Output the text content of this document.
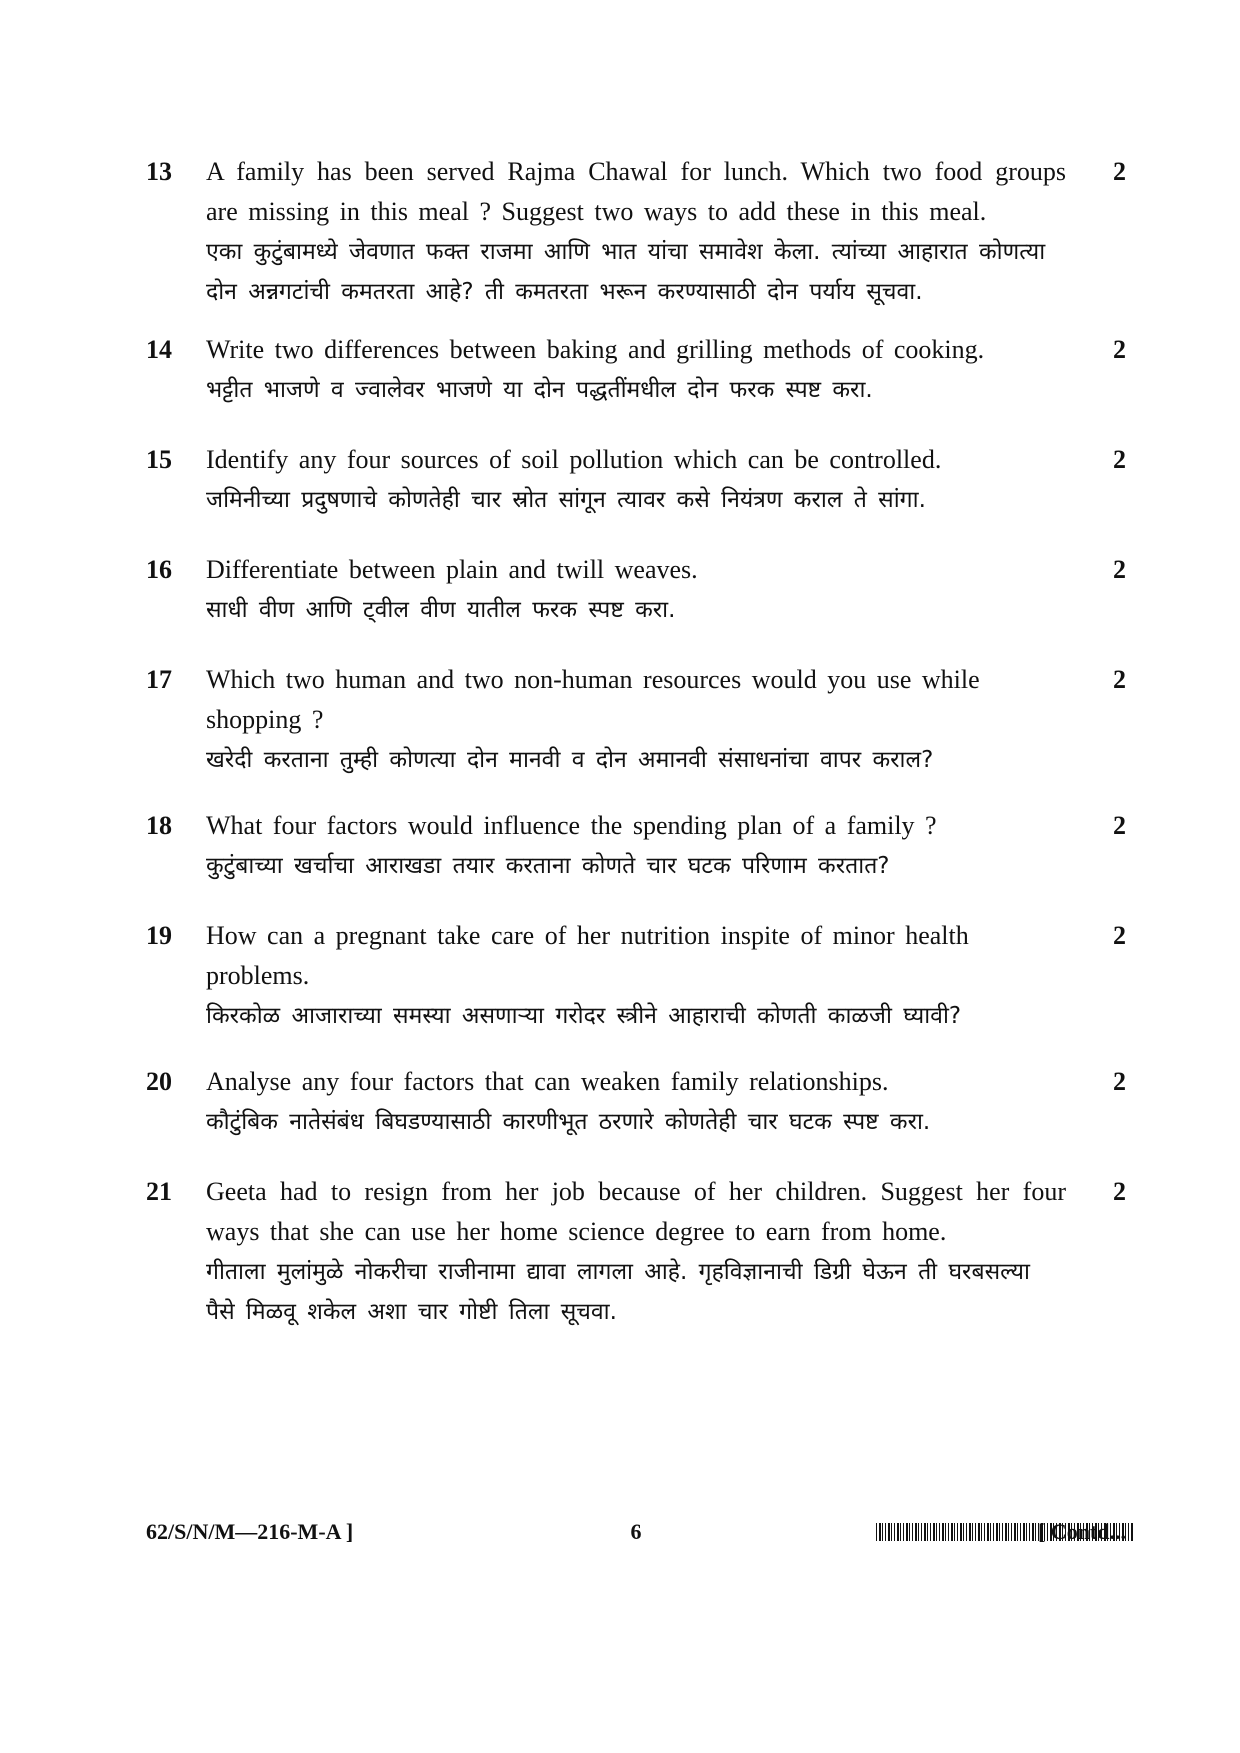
13	A family has been served Rajma Chawal for lunch. Which two food groups are missing in this meal ? Suggest two ways to add these in this meal.
एका कुटुंबामध्ये जेवणात फक्त राजमा आणि भात यांचा समावेश केला. त्यांच्या आहारात कोणत्या दोन अन्नगटांची कमतरता आहे? ती कमतरता भरून करण्यासाठी दोन पर्याय सूचवा.
2
14	Write two differences between baking and grilling methods of cooking.
भट्टीत भाजणे व ज्वालेवर भाजणे या दोन पद्धतींमधील दोन फरक स्पष्ट करा.
2
15	Identify any four sources of soil pollution which can be controlled.
जमिनीच्या प्रदुषणाचे कोणतेही चार स्रोत सांगून त्यावर कसे नियंत्रण कराल ते सांगा.
2
16	Differentiate between plain and twill weaves.
साधी वीण आणि ट्वील वीण यातील फरक स्पष्ट करा.
2
17	Which two human and two non-human resources would you use while shopping ?
खरेदी करताना तुम्ही कोणत्या दोन मानवी व दोन अमानवी संसाधनांचा वापर कराल?
2
18	What four factors would influence the spending plan of a family ?
कुटुंबाच्या खर्चाचा आराखडा तयार करताना कोणते चार घटक परिणाम करतात?
2
19	How can a pregnant take care of her nutrition inspite of minor health problems.
किरकोळ आजाराच्या समस्या असणाऱ्या गरोदर स्त्रीने आहाराची कोणती काळजी घ्यावी?
2
20	Analyse any four factors that can weaken family relationships.
कौटुंबिक नातेसंबंध बिघडण्यासाठी कारणीभूत ठरणारे कोणतेही चार घटक स्पष्ट करा.
2
21	Geeta had to resign from her job because of her children. Suggest her four ways that she can use her home science degree to earn from home.
गीताला मुलांमुळे नोकरीचा राजीनामा द्यावा लागला आहे. गृहविज्ञानाची डिग्री घेऊन ती घरबसल्या पैसे मिळवू शकेल अशा चार गोष्टी तिला सूचवा.
2
62/S/N/M—216-M-A ]	6	[ Contd...
